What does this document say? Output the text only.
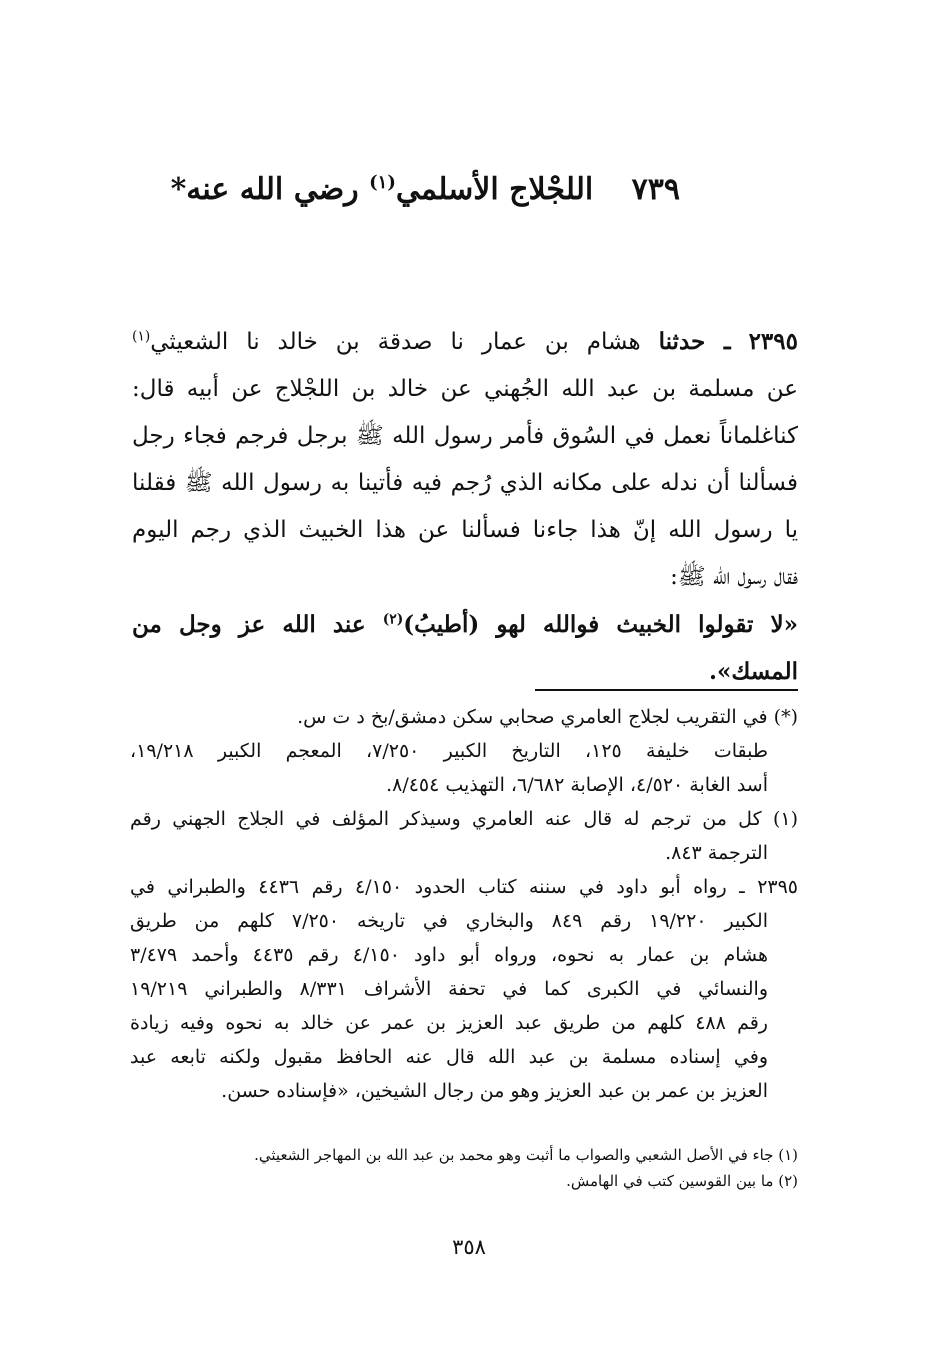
٧٣٩ اللجْلاج الأسلمي$^{(١)}$ رضي الله عنه*
٢٣٩٥ ـ حدثنا هشام بن عمار نا صدقة بن خالد نا الشعيثي$^{(١)}$
عن مسلمة بن عبد الله الجُهني عن خالد بن اللجْلاج عن أبيه قال:
كناغلماناً نعمل في السُوق فأمر رسول الله ﷺ برجل فرجم فجاء رجل
فسألنا أن ندله على مكانه الذي رُجم فيه فأتينا به رسول الله ﷺ فقلنا
يا رسول الله إنّ هذا جاءنا فسألنا عن هذا الخبيث الذي رجم اليوم
فقال رسول الله ﷺ:
«لا تقولوا الخبيث فوالله لهو (أطيبُ)$^{(٢)}$ عند الله عز وجل من
المسك».
(*) في التقريب لجلاج العامري صحابي سكن دمشق/بخ د ت س.
طبقات خليفة ١٢٥، التاريخ الكبير ٧/٢٥٠، المعجم الكبير ١٩/٢١٨،
أسد الغابة ٤/٥٢٠، الإصابة ٦/٦٨٢، التهذيب ٨/٤٥٤.
(١) كل من ترجم له قال عنه العامري وسيذكر المؤلف في الجلاج الجهني رقم
الترجمة ٨٤٣.
٢٣٩٥ ـ رواه أبو داود في سننه كتاب الحدود ٤/١٥٠ رقم ٤٤٣٦ والطبراني في
الكبير ١٩/٢٢٠ رقم ٨٤٩ والبخاري في تاريخه ٧/٢٥٠ كلهم من طريق
هشام بن عمار به نحوه، ورواه أبو داود ٤/١٥٠ رقم ٤٤٣٥ وأحمد ٣/٤٧٩
والنسائي في الكبرى كما في تحفة الأشراف ٨/٣٣١ والطبراني ١٩/٢١٩
رقم ٤٨٨ كلهم من طريق عبد العزيز بن عمر عن خالد به نحوه وفيه زيادة
وفي إسناده مسلمة بن عبد الله قال عنه الحافظ مقبول ولكنه تابعه عبد
العزيز بن عمر بن عبد العزيز وهو من رجال الشيخين، «فإسناده حسن.
(١) جاء في الأصل الشعبي والصواب ما أثبت وهو محمد بن عبد الله بن المهاجر الشعيثي.
(٢) ما بين القوسين كتب في الهامش.
٣٥٨
